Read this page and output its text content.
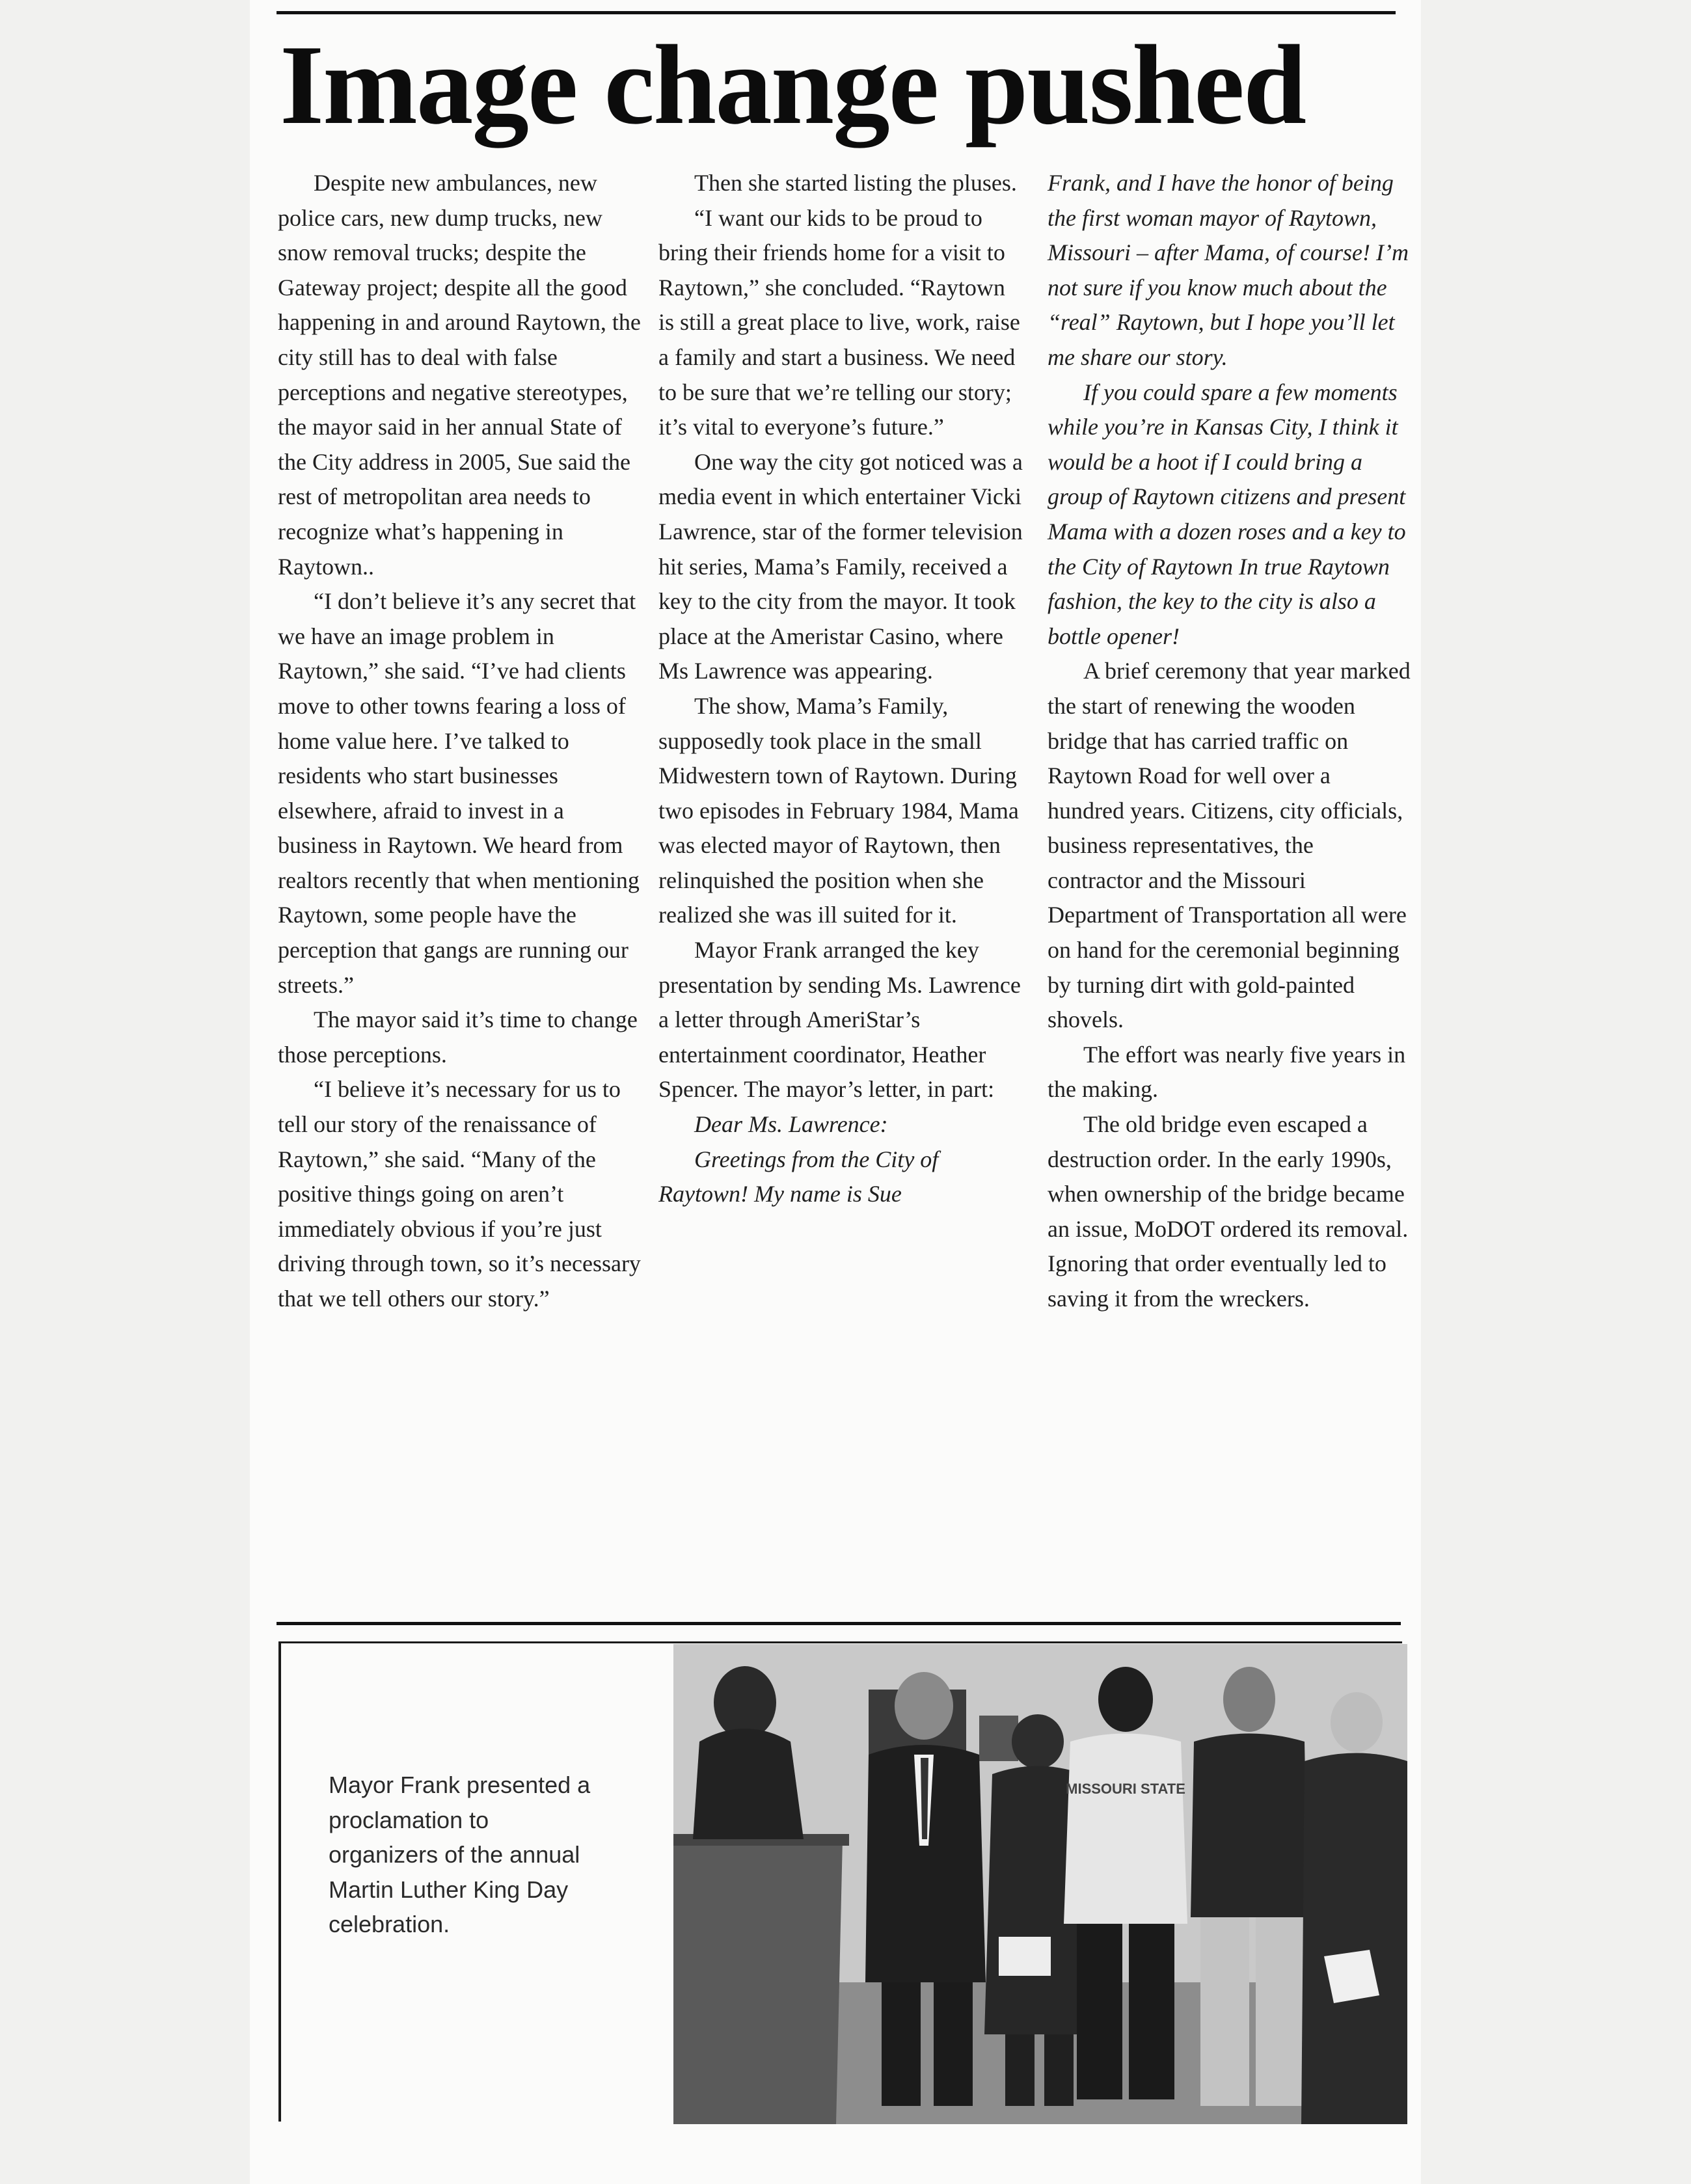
Image change pushed

Despite new ambulances, new police cars, new dump trucks, new snow removal trucks; despite the Gateway project; despite all the good happening in and around Raytown, the city still has to deal with false perceptions and negative stereotypes, the mayor said in her annual State of the City address in 2005, Sue said the rest of metropolitan area needs to recognize what’s happening in Raytown..

“I don’t believe it’s any secret that we have an image problem in Raytown,” she said. “I’ve had clients move to other towns fearing a loss of home value here. I’ve talked to residents who start businesses elsewhere, afraid to invest in a business in Raytown. We heard from realtors recently that when mentioning Raytown, some people have the perception that gangs are running our streets.”

The mayor said it’s time to change those perceptions.

“I believe it’s necessary for us to tell our story of the renaissance of Raytown,” she said. “Many of the positive things going on aren’t immediately obvious if you’re just driving through town, so it’s necessary that we tell others our story.”

Then she started listing the pluses.

“I want our kids to be proud to bring their friends home for a visit to Raytown,” she concluded. “Raytown is still a great place to live, work, raise a family and start a business. We need to be sure that we’re telling our story; it’s vital to everyone’s future.”

One way the city got noticed was a media event in which entertainer Vicki Lawrence, star of the former television hit series, Mama’s Family, received a key to the city from the mayor. It took place at the Ameristar Casino, where Ms Lawrence was appearing.

The show, Mama’s Family, supposedly took place in the small Midwestern town of Raytown. During two episodes in February 1984, Mama was elected mayor of Raytown, then relinquished the position when she realized she was ill suited for it.

Mayor Frank arranged the key presentation by sending Ms. Lawrence a letter through AmeriStar’s entertainment coordinator, Heather Spencer. The mayor’s letter, in part:

Dear Ms. Lawrence:

Greetings from the City of Raytown! My name is Sue

Frank, and I have the honor of being the first woman mayor of Raytown, Missouri – after Mama, of course! I’m not sure if you know much about the “real” Raytown, but I hope you’ll let me share our story.

If you could spare a few moments while you’re in Kansas City, I think it would be a hoot if I could bring a group of Raytown citizens and present Mama with a dozen roses and a key to the City of Raytown In true Raytown fashion, the key to the city is also a bottle opener!

A brief ceremony that year marked the start of renewing the wooden bridge that has carried traffic on Raytown Road for well over a hundred years. Citizens, city officials, business representatives, the contractor and the Missouri Department of Transportation all were on hand for the ceremonial beginning by turning dirt with gold-painted shovels.

The effort was nearly five years in the making.

The old bridge even escaped a destruction order. In the early 1990s, when ownership of the bridge became an issue, MoDOT ordered its removal. Ignoring that order eventually led to saving it from the wreckers.

Mayor Frank presented a proclamation to organizers of the annual Martin Luther King Day celebration.

MISSOURI STATE
